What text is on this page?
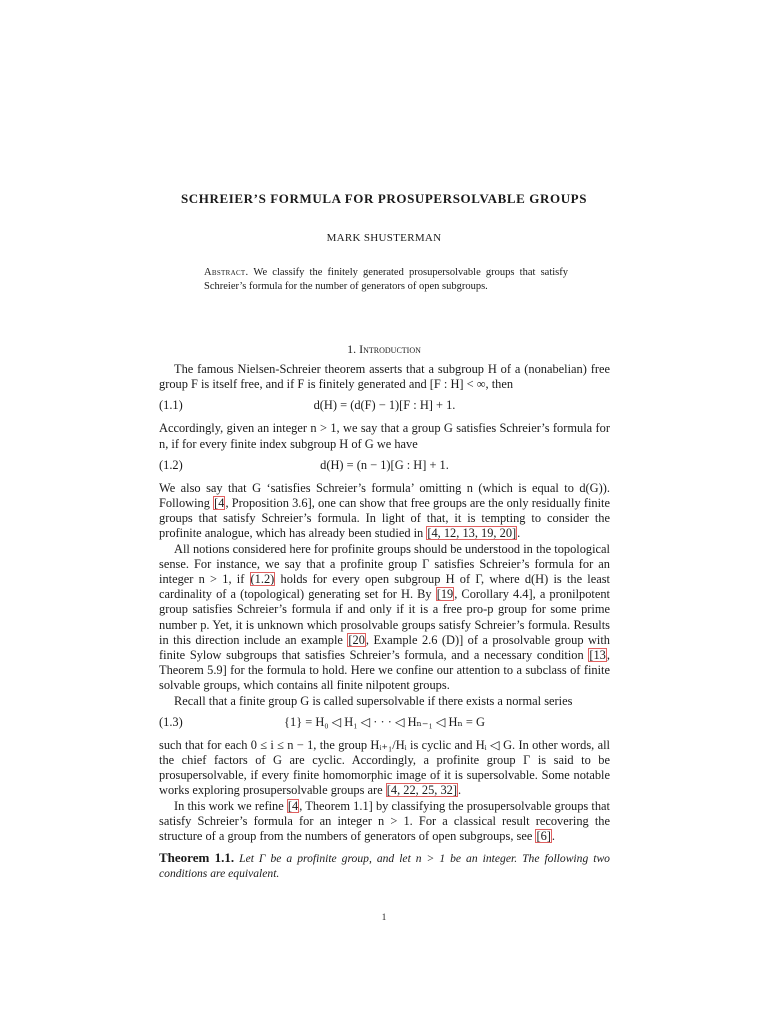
SCHREIER’S FORMULA FOR PROSUPERSOLVABLE GROUPS
MARK SHUSTERMAN
Abstract. We classify the finitely generated prosupersolvable groups that satisfy Schreier’s formula for the number of generators of open subgroups.
1. Introduction

The famous Nielsen-Schreier theorem asserts that a subgroup H of a (nonabelian) free group F is itself free, and if F is finitely generated and [F : H] < ∞, then

(1.1)	d(H) = (d(F) − 1)[F : H] + 1.

Accordingly, given an integer n > 1, we say that a group G satisfies Schreier’s formula for n, if for every finite index subgroup H of G we have

(1.2)	d(H) = (n − 1)[G : H] + 1.

We also say that G ‘satisfies Schreier’s formula’ omitting n (which is equal to d(G)). Following [4, Proposition 3.6], one can show that free groups are the only residually finite groups that satisfy Schreier’s formula. In light of that, it is tempting to consider the profinite analogue, which has already been studied in [4, 12, 13, 19, 20].

All notions considered here for profinite groups should be understood in the topological sense. For instance, we say that a profinite group Γ satisfies Schreier’s formula for an integer n > 1, if (1.2) holds for every open subgroup H of Γ, where d(H) is the least cardinality of a (topological) generating set for H. By [19, Corollary 4.4], a pronilpotent group satisfies Schreier’s formula if and only if it is a free pro-p group for some prime number p. Yet, it is unknown which prosolvable groups satisfy Schreier’s formula. Results in this direction include an example [20, Example 2.6 (D)] of a prosolvable group with finite Sylow subgroups that satisfies Schreier’s formula, and a necessary condition [13, Theorem 5.9] for the formula to hold. Here we confine our attention to a subclass of finite solvable groups, which contains all finite nilpotent groups.

Recall that a finite group G is called supersolvable if there exists a normal series

(1.3)	{1} = H₀ ◁ H₁ ◁ · · · ◁ Hₙ₋₁ ◁ Hₙ = G

such that for each 0 ≤ i ≤ n − 1, the group Hᵢ₊₁/Hᵢ is cyclic and Hᵢ ◁ G. In other words, all the chief factors of G are cyclic. Accordingly, a profinite group Γ is said to be prosupersolvable, if every finite homomorphic image of it is supersolvable. Some notable works exploring prosupersolvable groups are [4, 22, 25, 32].

In this work we refine [4, Theorem 1.1] by classifying the prosupersolvable groups that satisfy Schreier’s formula for an integer n > 1. For a classical result recovering the structure of a group from the numbers of generators of open subgroups, see [6].

Theorem 1.1. Let Γ be a profinite group, and let n > 1 be an integer. The following two conditions are equivalent.

1
